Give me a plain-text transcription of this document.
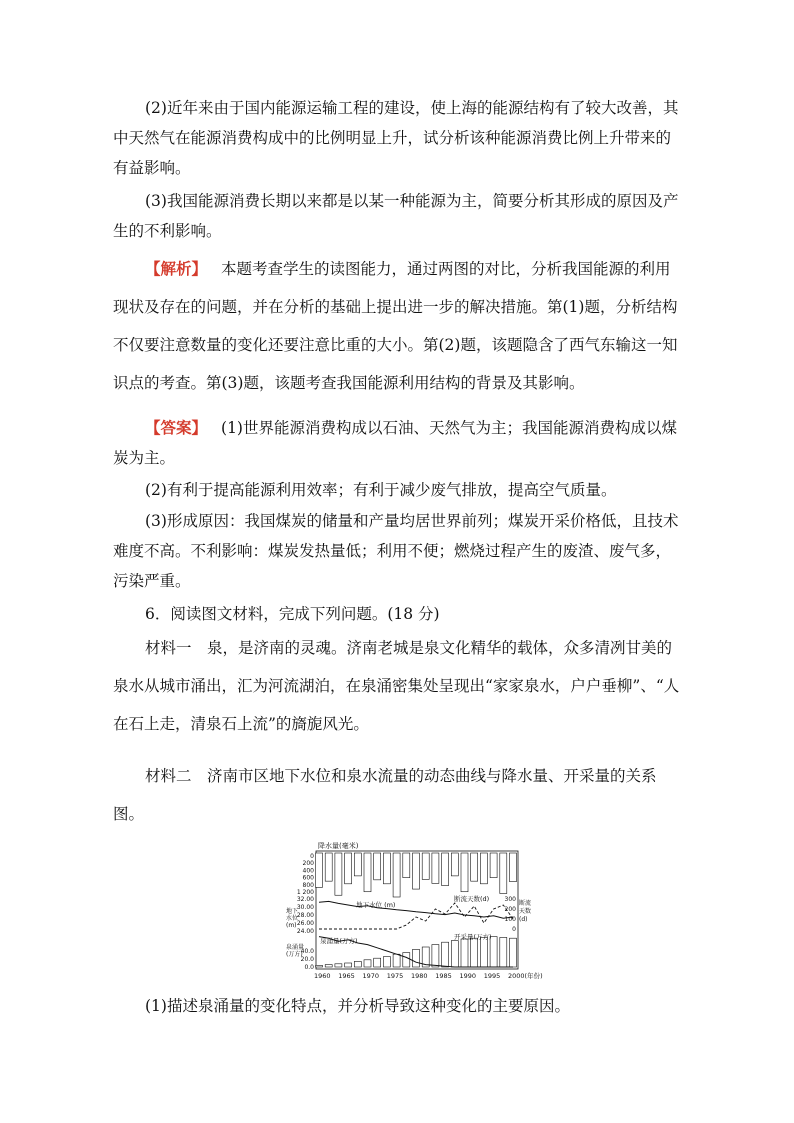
(2)近年来由于国内能源运输工程的建设，使上海的能源结构有了较大改善，其中天然气在能源消费构成中的比例明显上升，试分析该种能源消费比例上升带来的有益影响。

(3)我国能源消费长期以来都是以某一种能源为主，简要分析其形成的原因及产生的不利影响。

【解析】 本题考查学生的读图能力，通过两图的对比，分析我国能源的利用现状及存在的问题，并在分析的基础上提出进一步的解决措施。第(1)题，分析结构不仅要注意数量的变化还要注意比重的大小。第(2)题，该题隐含了西气东输这一知识点的考查。第(3)题，该题考查我国能源利用结构的背景及其影响。

【答案】 (1)世界能源消费构成以石油、天然气为主；我国能源消费构成以煤炭为主。

(2)有利于提高能源利用效率；有利于减少废气排放，提高空气质量。

(3)形成原因：我国煤炭的储量和产量均居世界前列；煤炭开采价格低，且技术难度不高。不利影响：煤炭发热量低；利用不便；燃烧过程产生的废渣、废气多，污染严重。

6．阅读图文材料，完成下列问题。(18 分)

材料一　泉，是济南的灵魂。济南老城是泉文化精华的载体，众多清冽甘美的泉水从城市涌出，汇为河流湖泊，在泉涌密集处呈现出“家家泉水，户户垂柳”、“人在石上走，清泉石上流”的旖旎风光。

材料二　济南市区地下水位和泉水流量的动态曲线与降水量、开采量的关系图。

降水量(毫米)
0
200
400
600
800
1 200
地下水位 (m)
24.00
26.00
28.00
30.00
32.00
地下
水位
(m)
断流天数(d)
0
100
200
300
断流
天数
(d)
开采量(万方)
泉涌量(万方)
0.0
20.0
40.0
泉涌量
(万方)
1960 1965 1970 1975 1980 1985 1990 1995 2000(年份)

(1)描述泉涌量的变化特点，并分析导致这种变化的主要原因。
